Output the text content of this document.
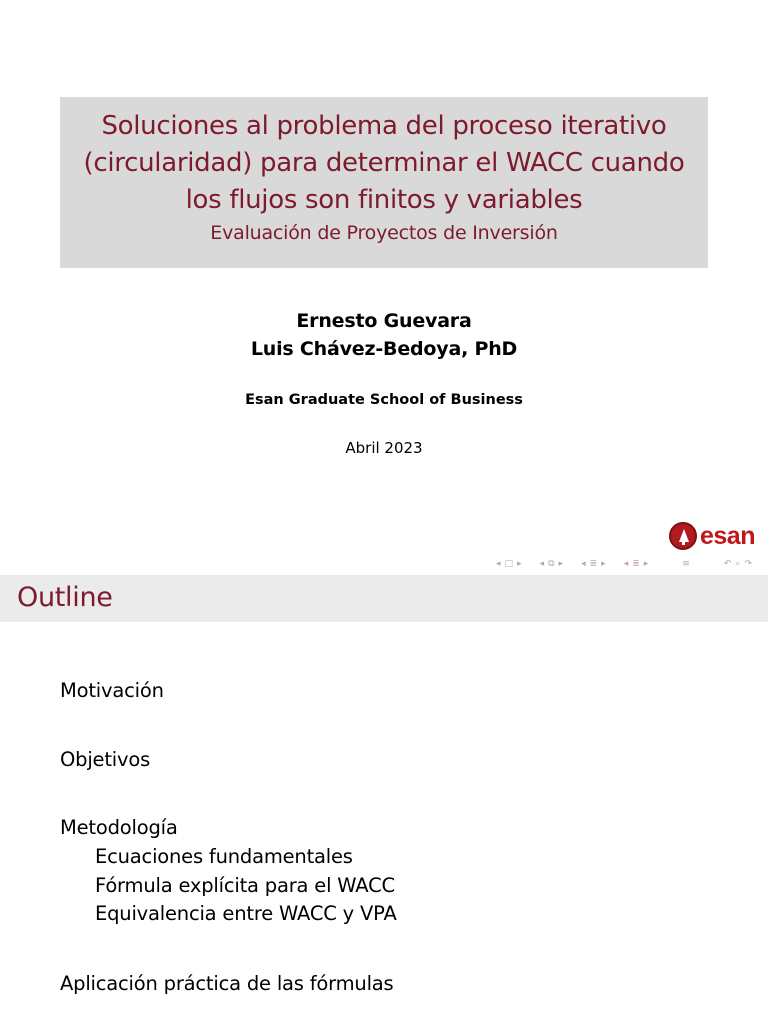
Soluciones al problema del proceso iterativo
(circularidad) para determinar el WACC cuando
los flujos son finitos y variables
Evaluación de Proyectos de Inversión
Ernesto Guevara
Luis Chávez-Bedoya, PhD
Esan Graduate School of Business
Abril 2023
esan
◂ □ ▸ ◂ ⧉ ▸ ◂ ≣ ▸ ◂ ≣ ▸	≡	↶ ⌕ ↷
Outline
Motivación
Objetivos
Metodología
Ecuaciones fundamentales
Fórmula explícita para el WACC
Equivalencia entre WACC y VPA
Aplicación práctica de las fórmulas
